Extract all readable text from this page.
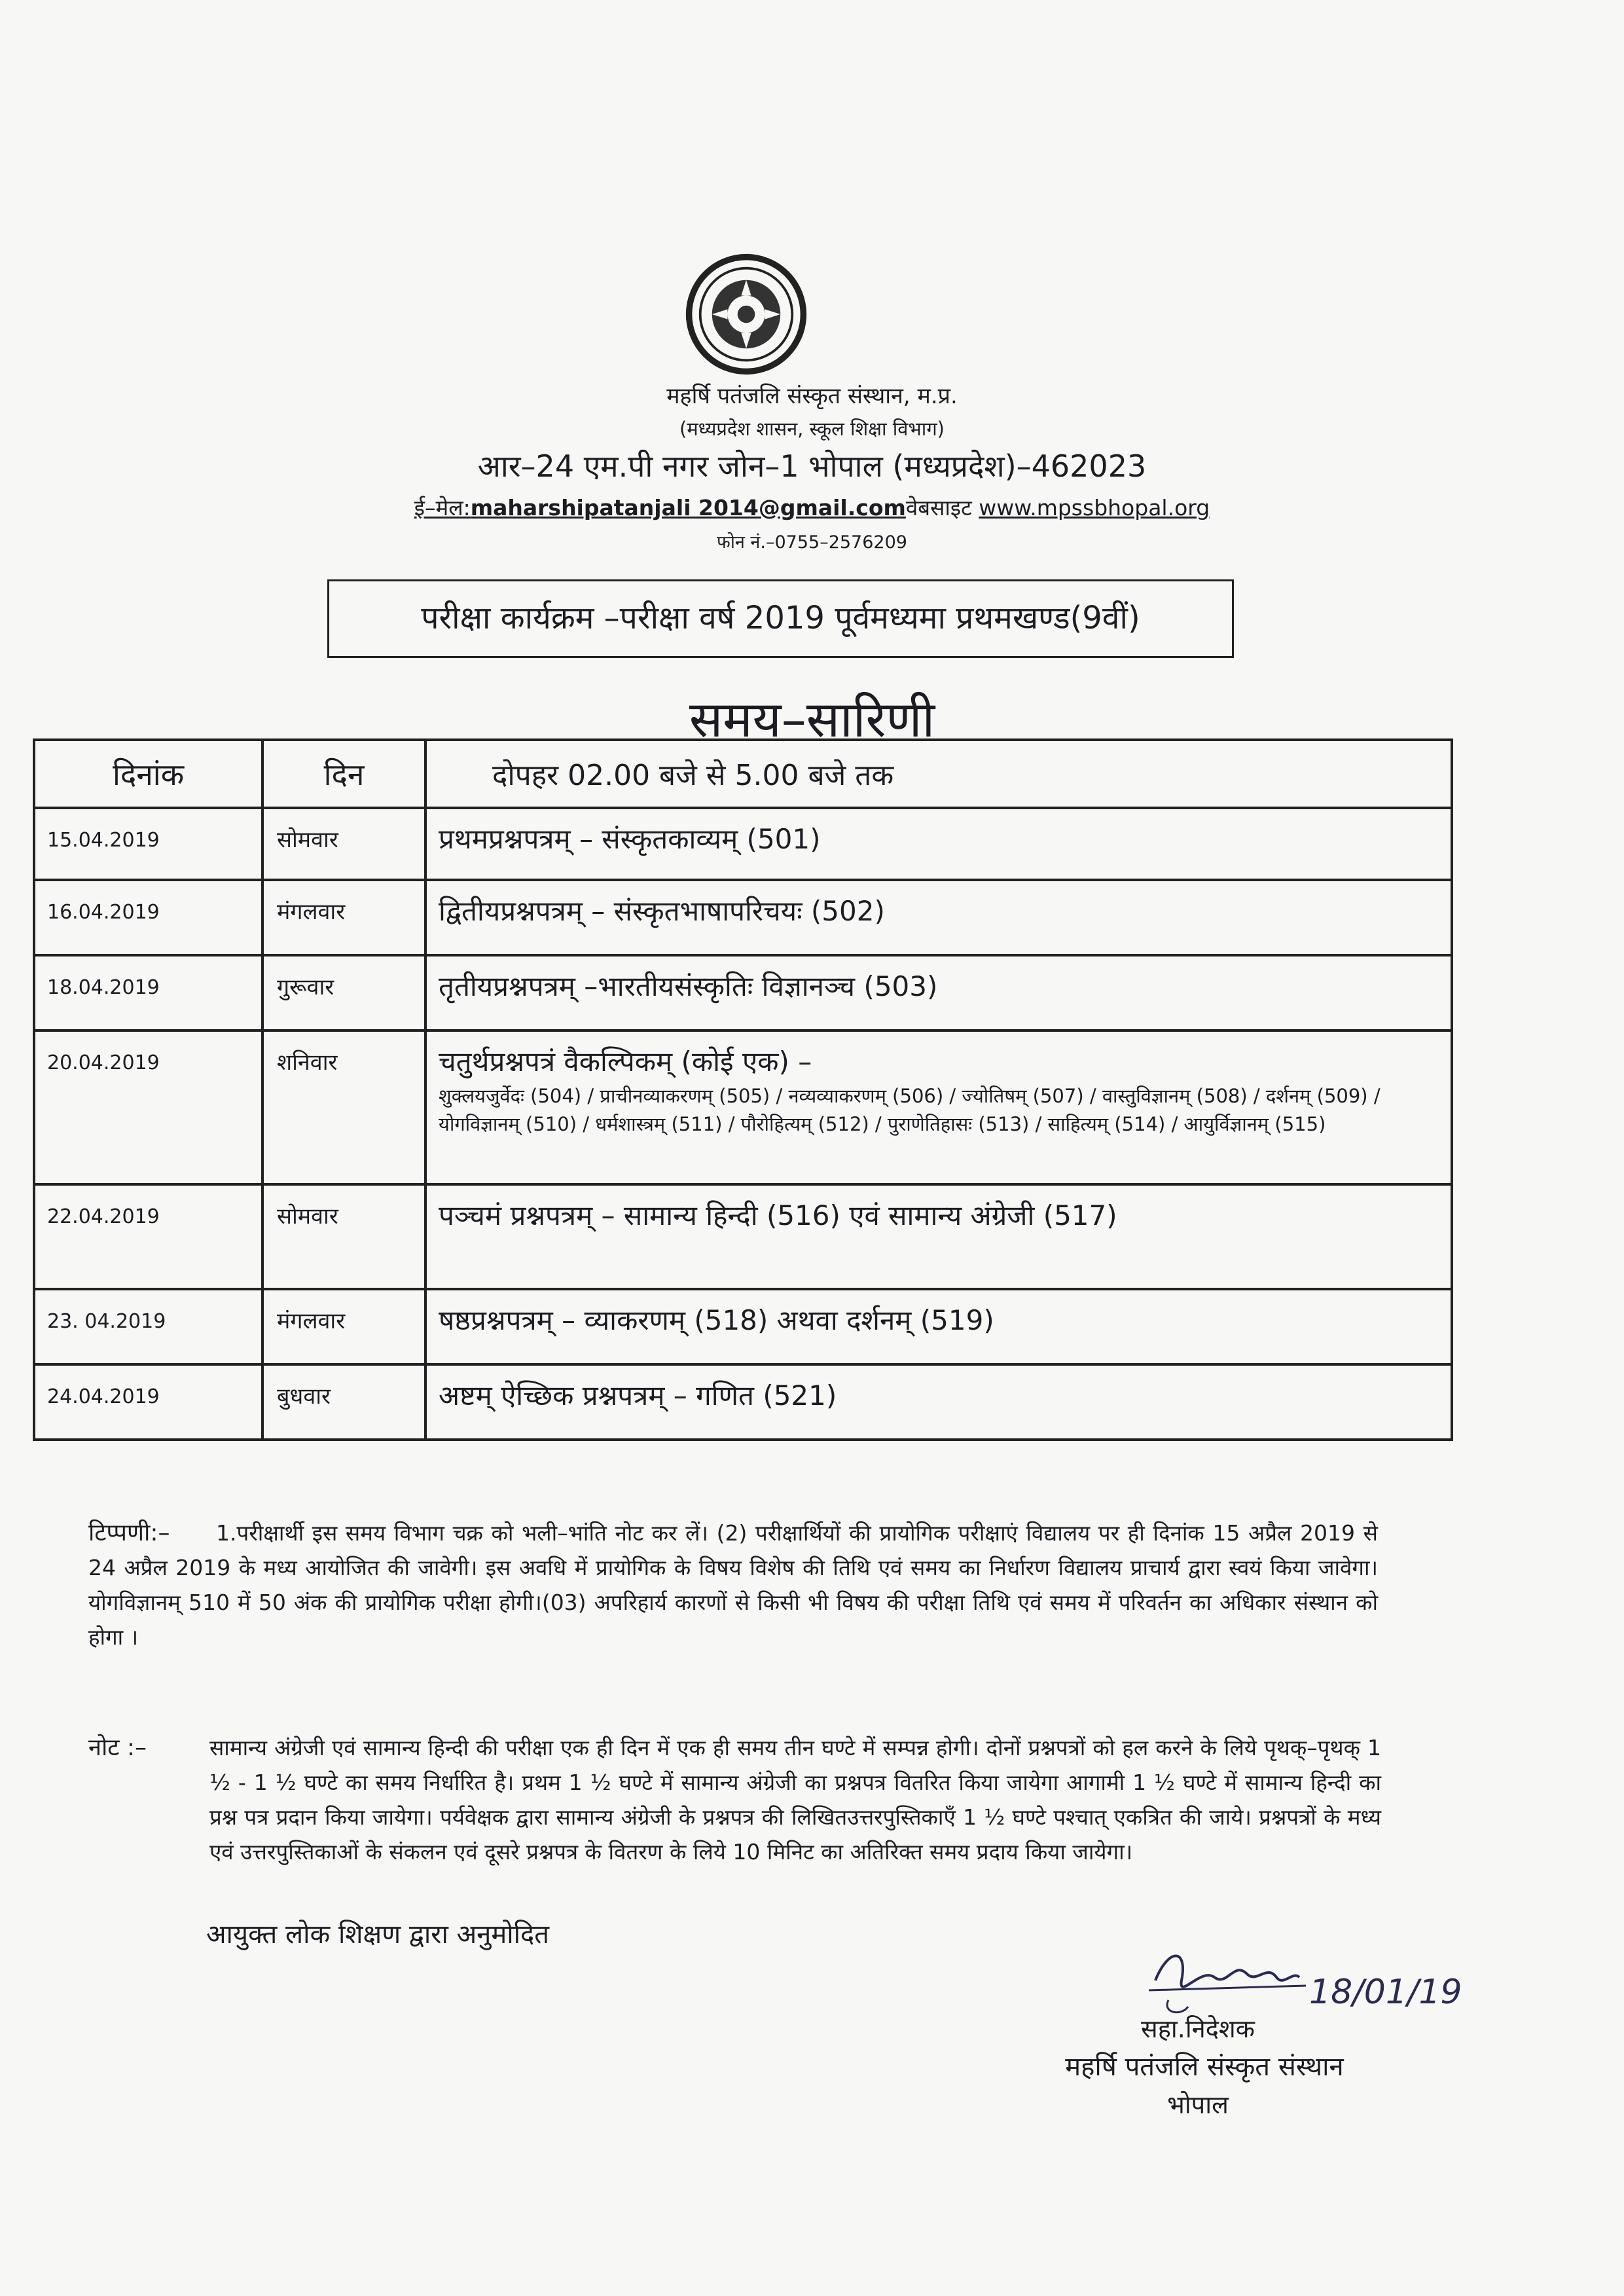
महर्षि पतंजलि संस्कृत संस्थान, म.प्र.
(मध्यप्रदेश शासन, स्कूल शिक्षा विभाग)
आर–24 एम.पी नगर जोन–1 भोपाल (मध्यप्रदेश)–462023
ई–मेल:maharshipatanjali 2014@gmail.comवेबसाइट www.mpssbhopal.org
फोन नं.–0755–2576209
परीक्षा कार्यक्रम –परीक्षा वर्ष 2019 पूर्वमध्यमा प्रथमखण्ड(9वीं)
समय–सारिणी
दिनांक	दिन	दोपहर 02.00 बजे से 5.00 बजे तक
15.04.2019	सोमवार	प्रथमप्रश्नपत्रम् – संस्कृतकाव्यम् (501)
16.04.2019	मंगलवार	द्वितीयप्रश्नपत्रम् – संस्कृतभाषापरिचयः (502)
18.04.2019	गुरूवार	तृतीयप्रश्नपत्रम् –भारतीयसंस्कृतिः विज्ञानञ्च (503)
20.04.2019	शनिवार	चतुर्थप्रश्नपत्रं वैकल्पिकम् (कोई एक) –
शुक्लयजुर्वेदः (504) / प्राचीनव्याकरणम् (505) / नव्यव्याकरणम् (506) / ज्योतिषम् (507) / वास्तुविज्ञानम् (508) / दर्शनम् (509) / योगविज्ञानम् (510) / धर्मशास्त्रम् (511) / पौरोहित्यम् (512) / पुराणेतिहासः (513) / साहित्यम् (514) / आयुर्विज्ञानम् (515)

22.04.2019	सोमवार	पञ्चमं प्रश्नपत्रम् – सामान्य हिन्दी (516) एवं सामान्य अंग्रेजी (517)
23. 04.2019	मंगलवार	षष्ठप्रश्नपत्रम् – व्याकरणम् (518) अथवा दर्शनम् (519)
24.04.2019	बुधवार	अष्टम् ऐच्छिक प्रश्नपत्रम् – गणित (521)
टिप्पणी:–	1.परीक्षार्थी इस समय विभाग चक्र को भली–भांति नोट कर लें। (2) परीक्षार्थियों की प्रायोगिक परीक्षाएं विद्यालय पर ही दिनांक 15 अप्रैल 2019 से 24 अप्रैल 2019 के मध्य आयोजित की जावेगी। इस अवधि में प्रायोगिक के विषय विशेष की तिथि एवं समय का निर्धारण विद्यालय प्राचार्य द्वारा स्वयं किया जावेगा। योगविज्ञानम् 510 में 50 अंक की प्रायोगिक परीक्षा होगी।(03) अपरिहार्य कारणों से किसी भी विषय की परीक्षा तिथि एवं समय में परिवर्तन का अधिकार संस्थान को होगा ।
नोट :–	सामान्य अंग्रेजी एवं सामान्य हिन्दी की परीक्षा एक ही दिन में एक ही समय तीन घण्टे में सम्पन्न होगी। दोनों प्रश्नपत्रों को हल करने के लिये पृथक्–पृथक् 1 ½ - 1 ½ घण्टे का समय निर्धारित है। प्रथम 1 ½ घण्टे में सामान्य अंग्रेजी का प्रश्नपत्र वितरित किया जायेगा आगामी 1 ½ घण्टे में सामान्य हिन्दी का प्रश्न पत्र प्रदान किया जायेगा। पर्यवेक्षक द्वारा सामान्य अंग्रेजी के प्रश्नपत्र की लिखितउत्तरपुस्तिकाऍं 1 ½ घण्टे पश्चात् एकत्रित की जाये। प्रश्नपत्रों के मध्य एवं उत्तरपुस्तिकाओं के संकलन एवं दूसरे प्रश्नपत्र के वितरण के लिये 10 मिनिट का अतिरिक्त समय प्रदाय किया जायेगा।
आयुक्त लोक शिक्षण द्वारा अनुमोदित
18/01/19
सहा.निदेशक
महर्षि पतंजलि संस्कृत संस्थान
भोपाल
